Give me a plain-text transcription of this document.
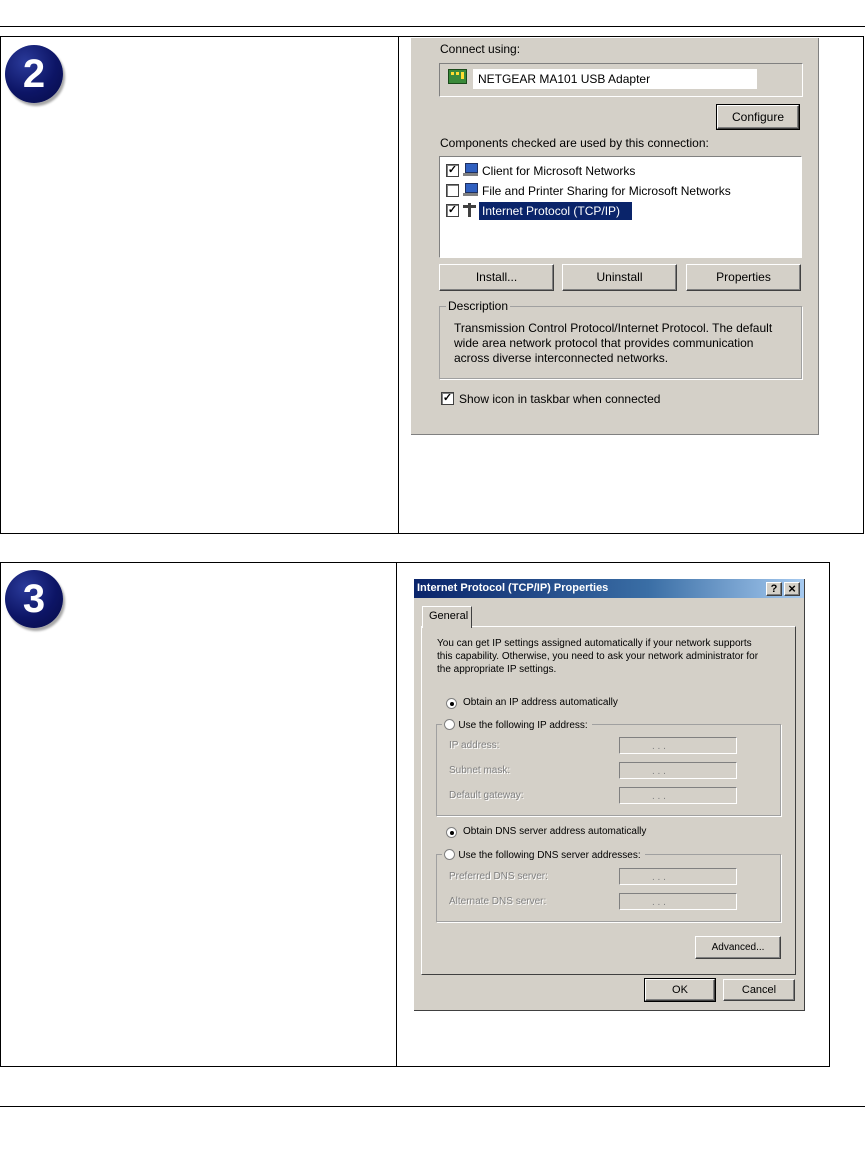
2
Connect using:
NETGEAR MA101 USB Adapter
Configure
Components checked are used by this connection:
✓ Client for Microsoft Networks
File and Printer Sharing for Microsoft Networks
✓ Internet Protocol (TCP/IP)
Install...	Uninstall	Properties
Description
Transmission Control Protocol/Internet Protocol. The default
wide area network protocol that provides communication
across diverse interconnected networks.
✓ Show icon in taskbar when connected
3	Internet Protocol (TCP/IP) Properties	? ×
General
You can get IP settings assigned automatically if your network supports
this capability. Otherwise, you need to ask your network administrator for
the appropriate IP settings.
Obtain an IP address automatically
Use the following IP address:
IP address:	. . .
Subnet mask:	. . .
Default gateway:	. . .
Obtain DNS server address automatically
Use the following DNS server addresses:
Preferred DNS server:	. . .
Alternate DNS server:	. . .
Advanced...
OK	Cancel
